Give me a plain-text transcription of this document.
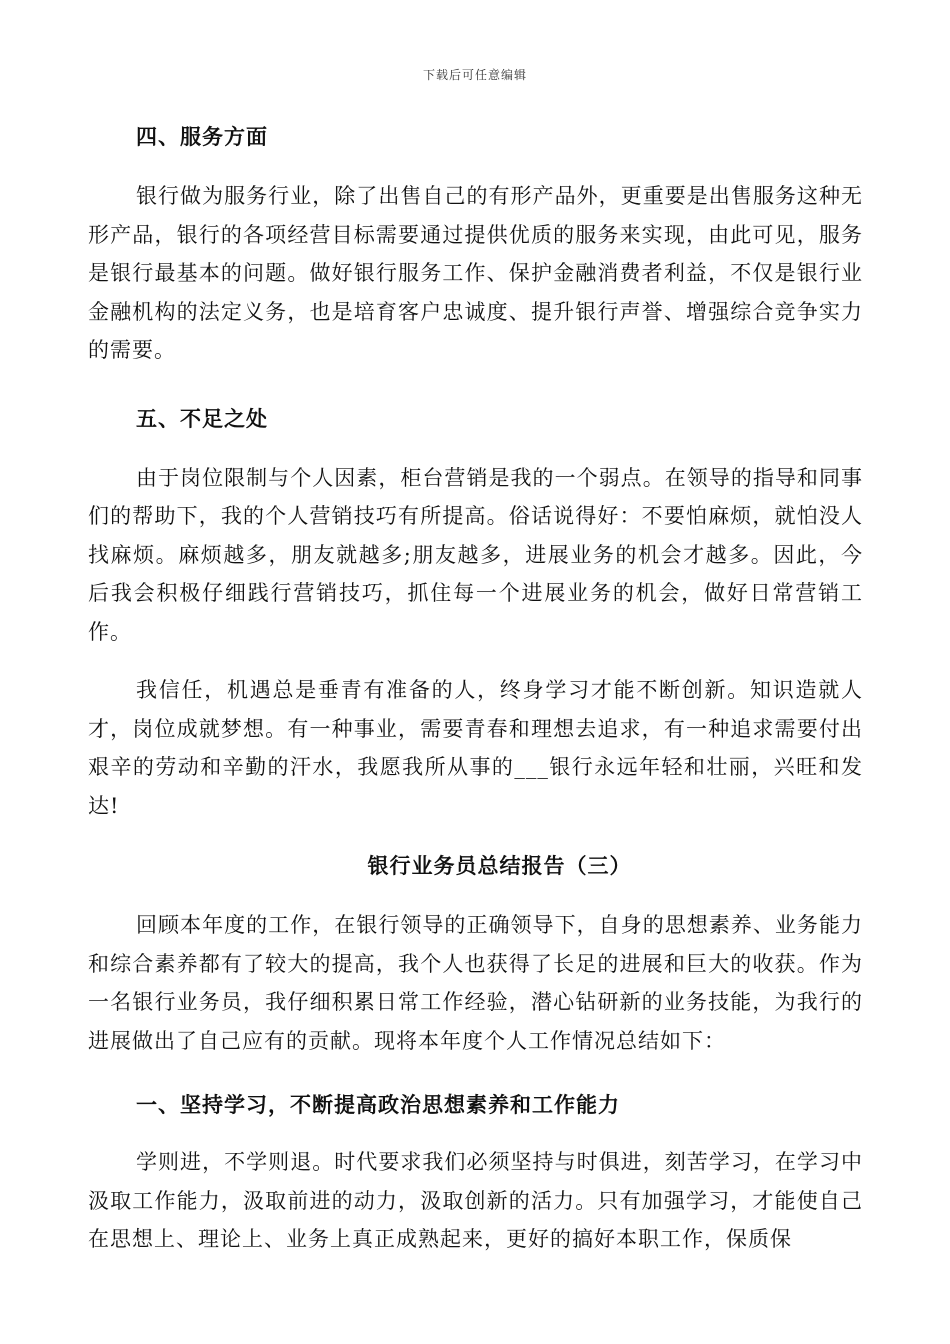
下载后可任意编辑

四、服务方面

银行做为服务行业，除了出售自己的有形产品外，更重要是出售服务这种无形产品，银行的各项经营目标需要通过提供优质的服务来实现，由此可见，服务是银行最基本的问题。做好银行服务工作、保护金融消费者利益，不仅是银行业金融机构的法定义务，也是培育客户忠诚度、提升银行声誉、增强综合竞争实力的需要。

五、不足之处

由于岗位限制与个人因素，柜台营销是我的一个弱点。在领导的指导和同事们的帮助下，我的个人营销技巧有所提高。俗话说得好：不要怕麻烦，就怕没人找麻烦。麻烦越多，朋友就越多;朋友越多，进展业务的机会才越多。因此，今后我会积极仔细践行营销技巧，抓住每一个进展业务的机会，做好日常营销工作。

我信任，机遇总是垂青有准备的人，终身学习才能不断创新。知识造就人才，岗位成就梦想。有一种事业，需要青春和理想去追求，有一种追求需要付出艰辛的劳动和辛勤的汗水，我愿我所从事的___银行永远年轻和壮丽，兴旺和发达!

银行业务员总结报告（三）

回顾本年度的工作，在银行领导的正确领导下，自身的思想素养、业务能力和综合素养都有了较大的提高，我个人也获得了长足的进展和巨大的收获。作为一名银行业务员，我仔细积累日常工作经验，潜心钻研新的业务技能，为我行的进展做出了自己应有的贡献。现将本年度个人工作情况总结如下：

一、坚持学习，不断提高政治思想素养和工作能力

学则进，不学则退。时代要求我们必须坚持与时俱进，刻苦学习，在学习中汲取工作能力，汲取前进的动力，汲取创新的活力。只有加强学习，才能使自己在思想上、理论上、业务上真正成熟起来，更好的搞好本职工作，保质保
